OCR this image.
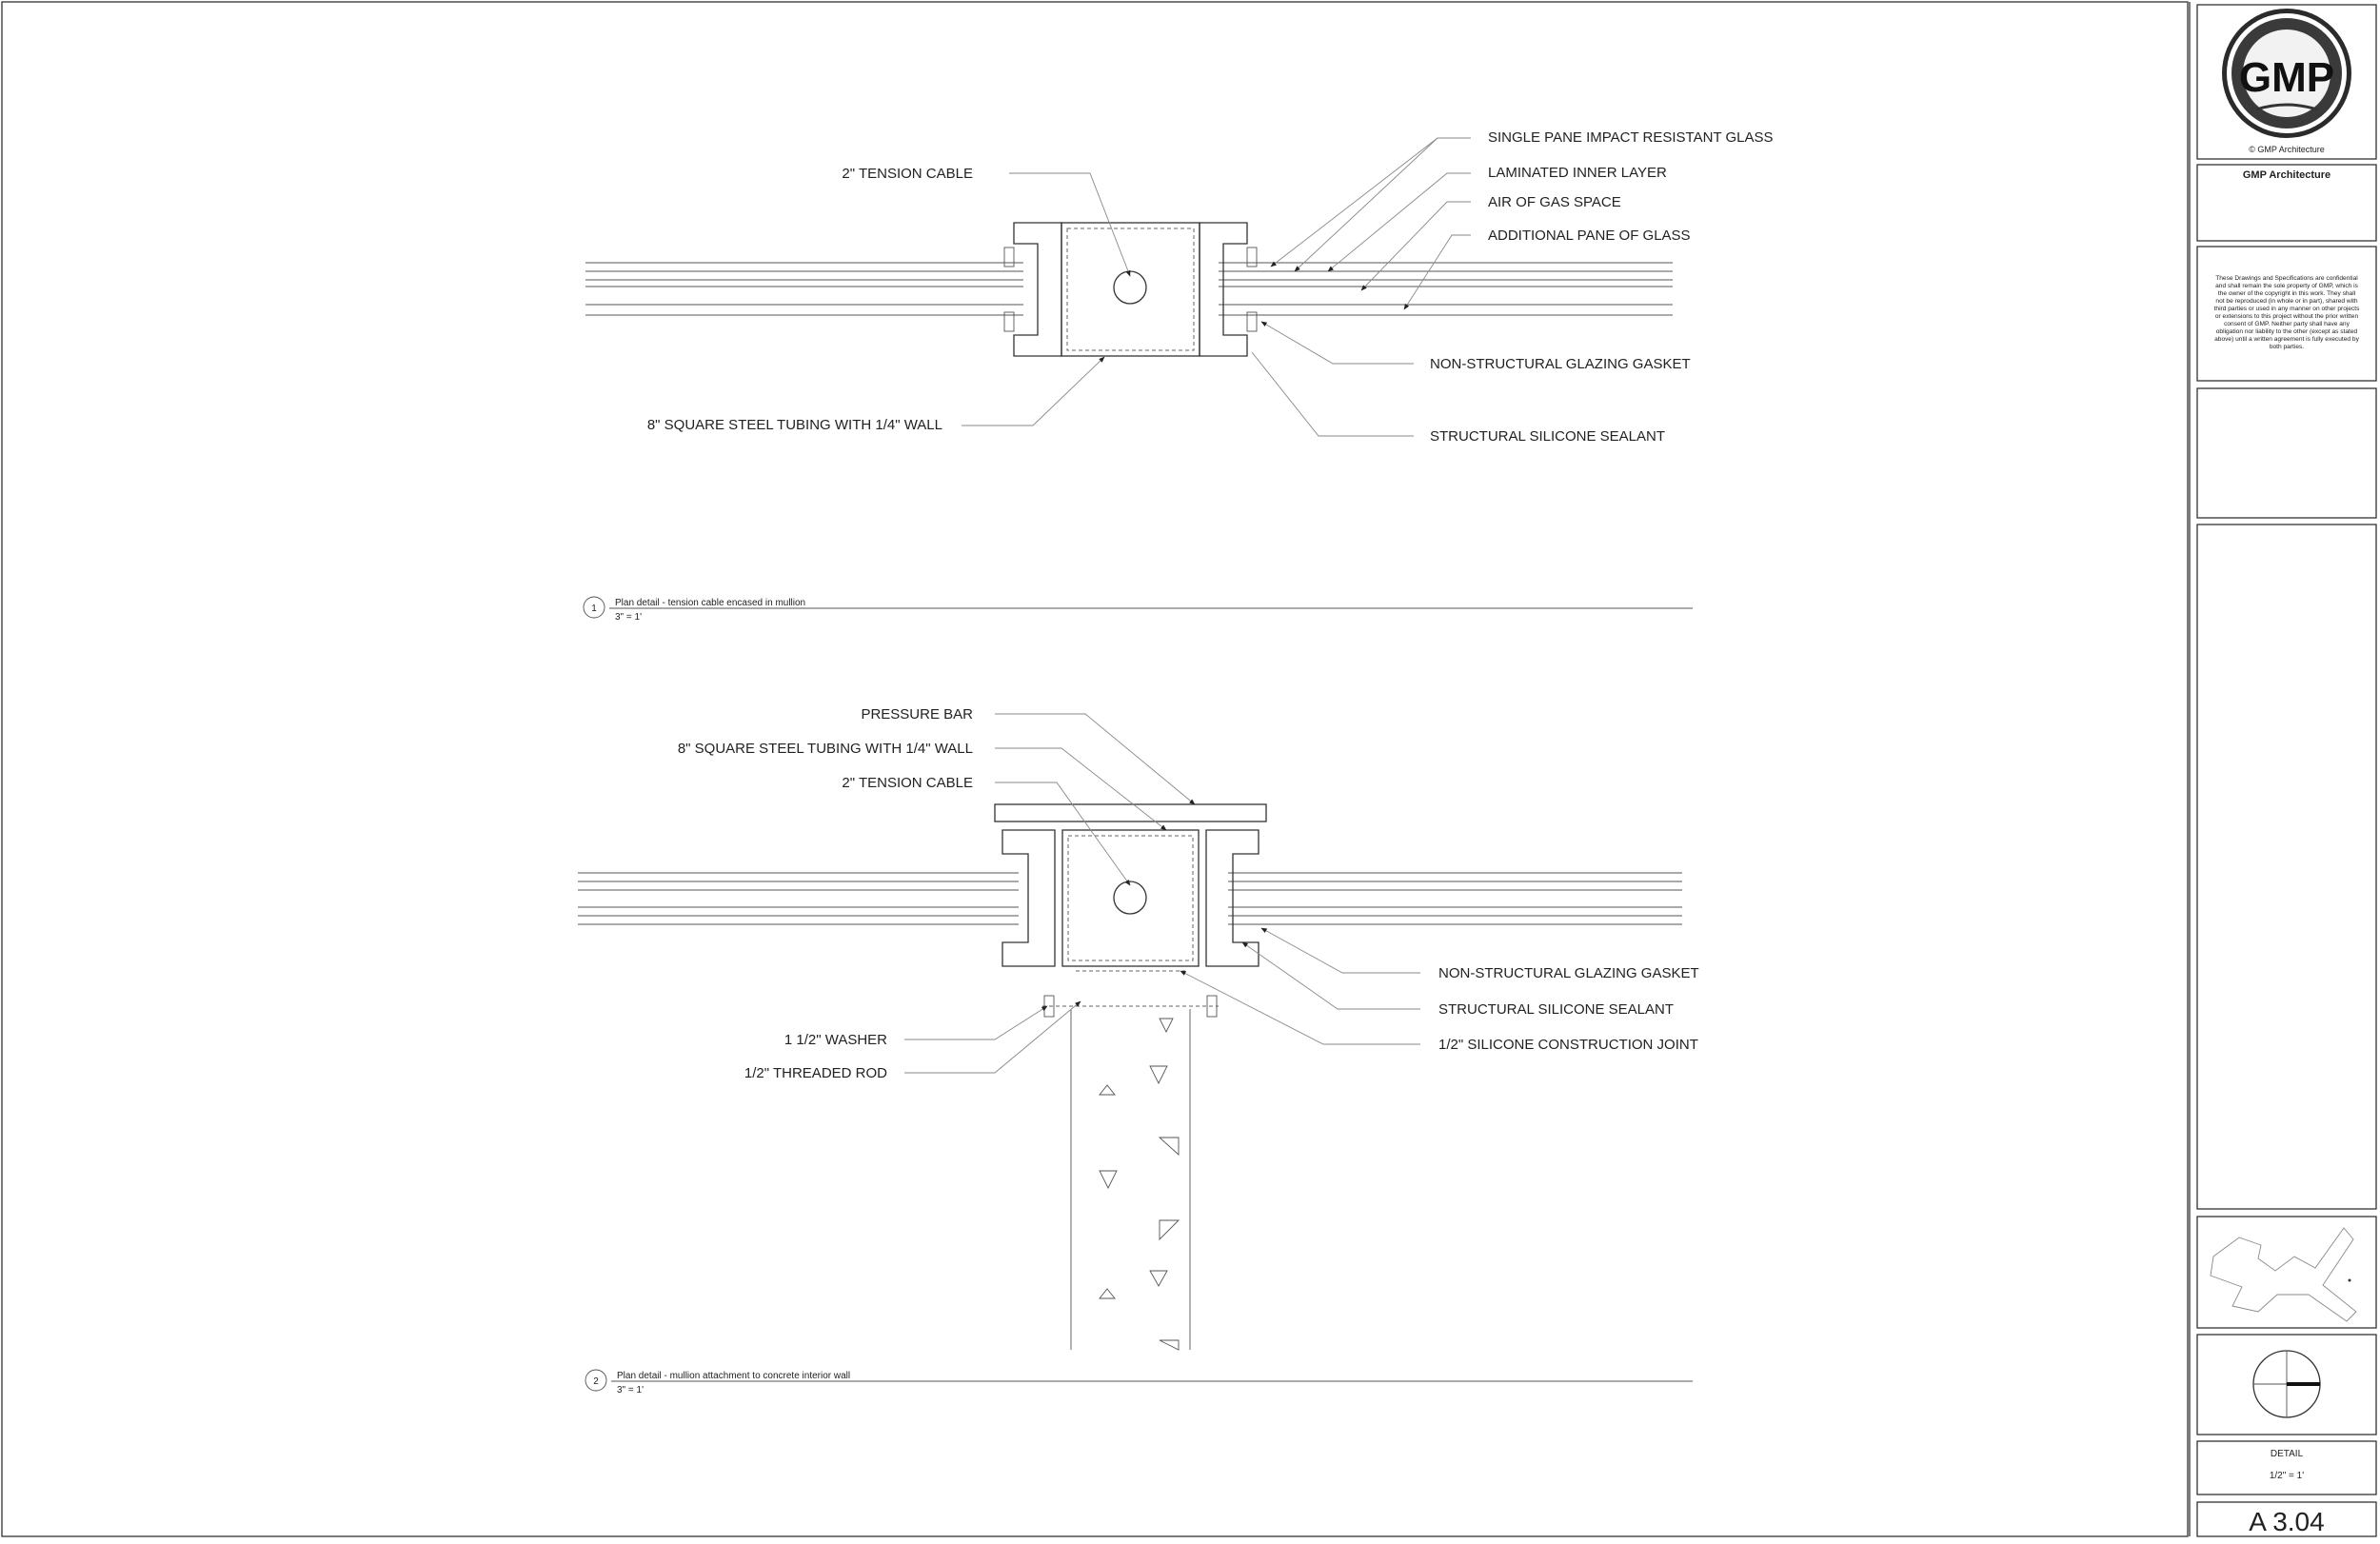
2" TENSION CABLE
8" SQUARE STEEL TUBING WITH 1/4" WALL
SINGLE PANE IMPACT RESISTANT GLASS
LAMINATED INNER LAYER
AIR OF GAS SPACE
ADDITIONAL PANE OF GLASS
NON-STRUCTURAL GLAZING GASKET
STRUCTURAL SILICONE SEALANT
1
Plan detail - tension cable encased in mullion
3" = 1'
PRESSURE BAR
8" SQUARE STEEL TUBING WITH 1/4" WALL
2" TENSION CABLE
1 1/2" WASHER
1/2" THREADED ROD
NON-STRUCTURAL GLAZING GASKET
STRUCTURAL SILICONE SEALANT
1/2" SILICONE CONSTRUCTION JOINT
2
Plan detail - mullion attachment to concrete interior wall
3" = 1'
GMP
© GMP Architecture
GMP Architecture
These Drawings and Specifications are confidential
and shall remain the sole property of GMP, which is
the owner of the copyright in this work. They shall
not be reproduced (in whole or in part), shared with
third parties or used in any manner on other projects
or extensions to this project without the prior written
consent of GMP. Neither party shall have any
obligation nor liability to the other (except as stated
above) until a written agreement is fully executed by
both parties.
DETAIL
1/2" = 1'
A 3.04
